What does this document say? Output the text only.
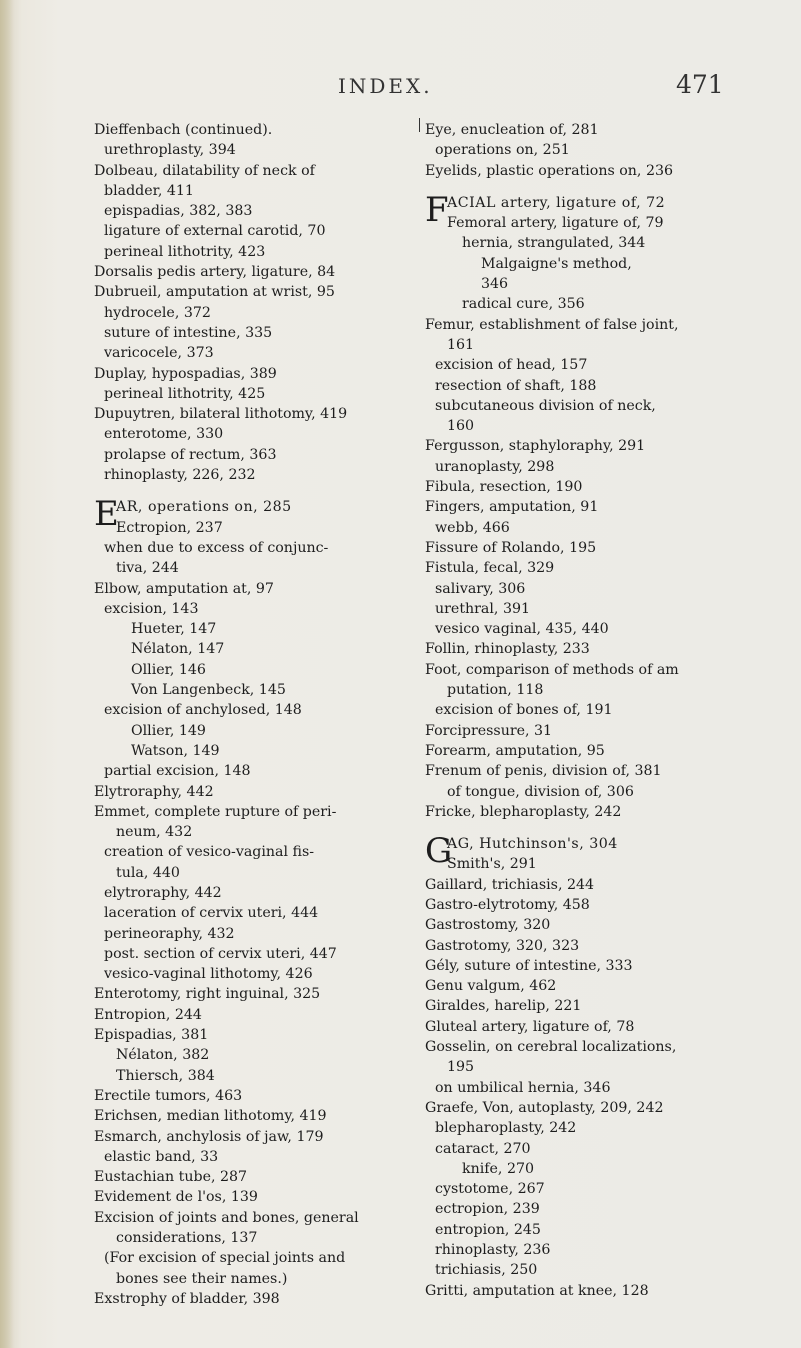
INDEX.	471
Dieffenbach (continued).
urethroplasty, 394
Dolbeau, dilatability of neck of
bladder, 411
epispadias, 382, 383
ligature of external carotid, 70
perineal lithotrity, 423
Dorsalis pedis artery, ligature, 84
Dubrueil, amputation at wrist, 95
hydrocele, 372
suture of intestine, 335
varicocele, 373
Duplay, hypospadias, 389
perineal lithotrity, 425
Dupuytren, bilateral lithotomy, 419
enterotome, 330
prolapse of rectum, 363
rhinoplasty, 226, 232
E
AR, operations on, 285
Ectropion, 237
when due to excess of conjunc-
tiva, 244
Elbow, amputation at, 97
excision, 143
Hueter, 147
Nélaton, 147
Ollier, 146
Von Langenbeck, 145
excision of anchylosed, 148
Ollier, 149
Watson, 149
partial excision, 148
Elytroraphy, 442
Emmet, complete rupture of peri-
neum, 432
creation of vesico-vaginal fis-
tula, 440
elytroraphy, 442
laceration of cervix uteri, 444
perineoraphy, 432
post. section of cervix uteri, 447
vesico-vaginal lithotomy, 426
Enterotomy, right inguinal, 325
Entropion, 244
Epispadias, 381
Nélaton, 382
Thiersch, 384
Erectile tumors, 463
Erichsen, median lithotomy, 419
Esmarch, anchylosis of jaw, 179
elastic band, 33
Eustachian tube, 287
Evidement de l'os, 139
Excision of joints and bones, general
considerations, 137
(For excision of special joints and
bones see their names.)
Exstrophy of bladder, 398
Eye, enucleation of, 281
operations on, 251
Eyelids, plastic operations on, 236
F
ACIAL artery, ligature of, 72
Femoral artery, ligature of, 79
hernia, strangulated, 344
Malgaigne's method,
346
radical cure, 356
Femur, establishment of false joint,
161
excision of head, 157
resection of shaft, 188
subcutaneous division of neck,
160
Fergusson, staphyloraphy, 291
uranoplasty, 298
Fibula, resection, 190
Fingers, amputation, 91
webb, 466
Fissure of Rolando, 195
Fistula, fecal, 329
salivary, 306
urethral, 391
vesico vaginal, 435, 440
Follin, rhinoplasty, 233
Foot, comparison of methods of am
putation, 118
excision of bones of, 191
Forcipressure, 31
Forearm, amputation, 95
Frenum of penis, division of, 381
of tongue, division of, 306
Fricke, blepharoplasty, 242
G
AG, Hutchinson's, 304
Smith's, 291
Gaillard, trichiasis, 244
Gastro-elytrotomy, 458
Gastrostomy, 320
Gastrotomy, 320, 323
Gély, suture of intestine, 333
Genu valgum, 462
Giraldes, harelip, 221
Gluteal artery, ligature of, 78
Gosselin, on cerebral localizations,
195
on umbilical hernia, 346
Graefe, Von, autoplasty, 209, 242
blepharoplasty, 242
cataract, 270
knife, 270
cystotome, 267
ectropion, 239
entropion, 245
rhinoplasty, 236
trichiasis, 250
Gritti, amputation at knee, 128
